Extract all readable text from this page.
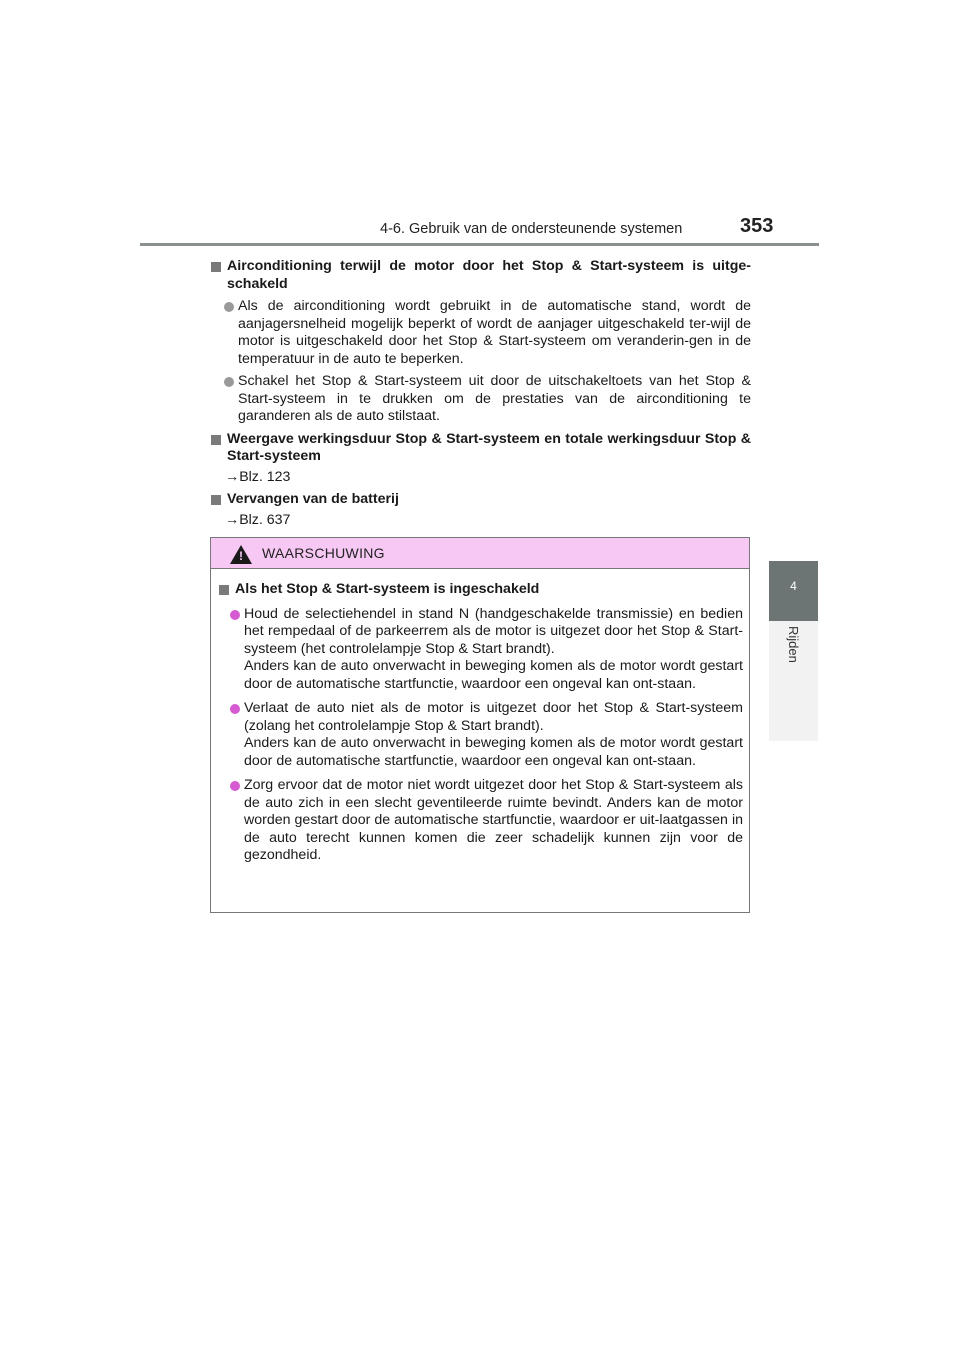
4-6. Gebruik van de ondersteunende systemen	353
4
Rijden
Airconditioning terwijl de motor door het Stop & Start-systeem is uitge-schakeld
Als de airconditioning wordt gebruikt in de automatische stand, wordt de aanjagersnelheid mogelijk beperkt of wordt de aanjager uitgeschakeld ter-wijl de motor is uitgeschakeld door het Stop & Start-systeem om veranderin-gen in de temperatuur in de auto te beperken.
Schakel het Stop & Start-systeem uit door de uitschakeltoets van het Stop & Start-systeem in te drukken om de prestaties van de airconditioning te garanderen als de auto stilstaat.
Weergave werkingsduur Stop & Start-systeem en totale werkingsduur Stop & Start-systeem
→Blz. 123
Vervangen van de batterij
→Blz. 637
! WAARSCHUWING
Als het Stop & Start-systeem is ingeschakeld
Houd de selectiehendel in stand N (handgeschakelde transmissie) en bedien het rempedaal of de parkeerrem als de motor is uitgezet door het Stop & Start-systeem (het controlelampje Stop & Start brandt).
Anders kan de auto onverwacht in beweging komen als de motor wordt gestart door de automatische startfunctie, waardoor een ongeval kan ont-staan.
Verlaat de auto niet als de motor is uitgezet door het Stop & Start-systeem (zolang het controlelampje Stop & Start brandt).
Anders kan de auto onverwacht in beweging komen als de motor wordt gestart door de automatische startfunctie, waardoor een ongeval kan ont-staan.
Zorg ervoor dat de motor niet wordt uitgezet door het Stop & Start-systeem als de auto zich in een slecht geventileerde ruimte bevindt. Anders kan de motor worden gestart door de automatische startfunctie, waardoor er uit-laatgassen in de auto terecht kunnen komen die zeer schadelijk kunnen zijn voor de gezondheid.
